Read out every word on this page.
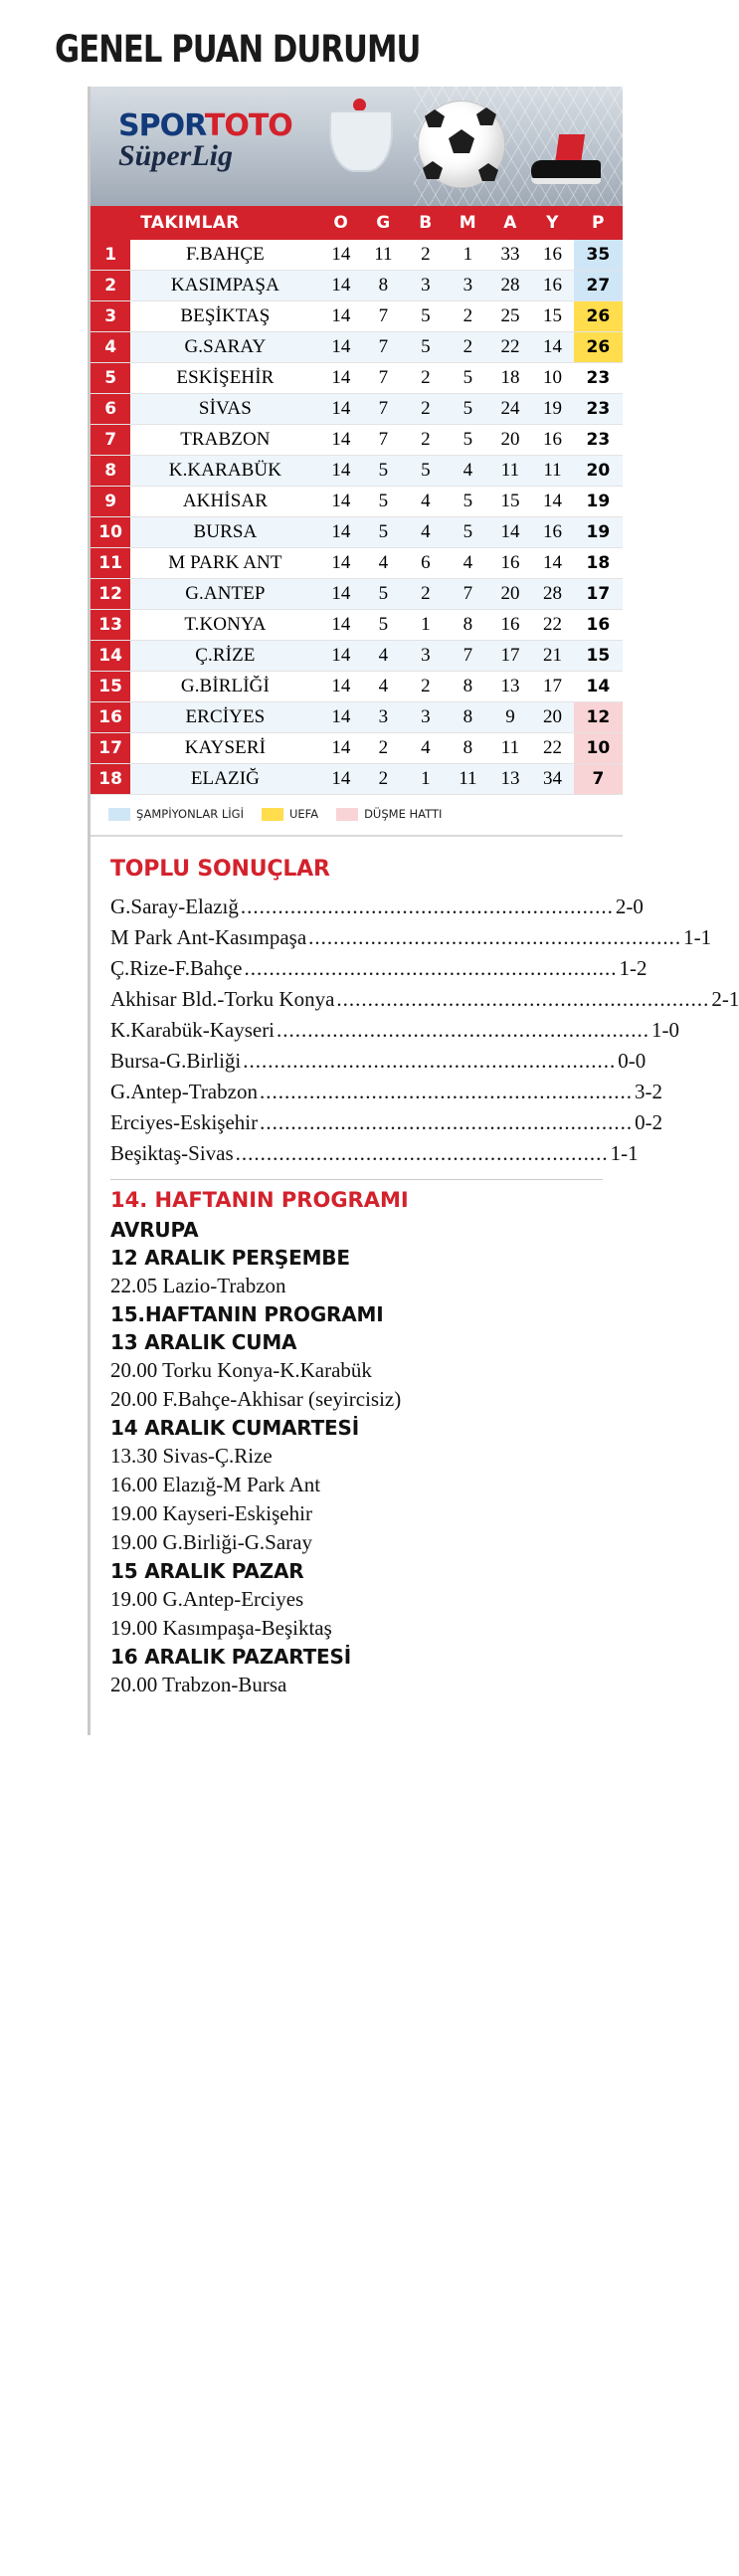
GENEL PUAN DURUMU
SPORTOTO
SüperLig
	TAKIMLAR	O	G	B	M	A	Y	P
1	F.BAHÇE	14	11	2	1	33	16	35
2	KASIMPAŞA	14	8	3	3	28	16	27
3	BEŞİKTAŞ	14	7	5	2	25	15	26
4	G.SARAY	14	7	5	2	22	14	26
5	ESKİŞEHİR	14	7	2	5	18	10	23
6	SİVAS	14	7	2	5	24	19	23
7	TRABZON	14	7	2	5	20	16	23
8	K.KARABÜK	14	5	5	4	11	11	20
9	AKHİSAR	14	5	4	5	15	14	19
10	BURSA	14	5	4	5	14	16	19
11	M PARK ANT	14	4	6	4	16	14	18
12	G.ANTEP	14	5	2	7	20	28	17
13	T.KONYA	14	5	1	8	16	22	16
14	Ç.RİZE	14	4	3	7	17	21	15
15	G.BİRLİĞİ	14	4	2	8	13	17	14
16	ERCİYES	14	3	3	8	9	20	12
17	KAYSERİ	14	2	4	8	11	22	10
18	ELAZIĞ	14	2	1	11	13	34	7
ŞAMPİYONLAR LİGİ	UEFA	DÜŞME HATTI
TOPLU SONUÇLAR
G.Saray-Elazığ ............................................................ 2-0
M Park Ant-Kasımpaşa ............................................................ 1-1
Ç.Rize-F.Bahçe ............................................................ 1-2
Akhisar Bld.-Torku Konya ............................................................ 2-1
K.Karabük-Kayseri ............................................................ 1-0
Bursa-G.Birliği ............................................................ 0-0
G.Antep-Trabzon ............................................................ 3-2
Erciyes-Eskişehir ............................................................ 0-2
Beşiktaş-Sivas ............................................................ 1-1
14. HAFTANIN PROGRAMI
AVRUPA
12 ARALIK PERŞEMBE
22.05 Lazio-Trabzon
15.HAFTANIN PROGRAMI
13 ARALIK CUMA
20.00 Torku Konya-K.Karabük
20.00 F.Bahçe-Akhisar (seyircisiz)
14 ARALIK CUMARTESİ
13.30 Sivas-Ç.Rize
16.00 Elazığ-M Park Ant
19.00 Kayseri-Eskişehir
19.00 G.Birliği-G.Saray
15 ARALIK PAZAR
19.00 G.Antep-Erciyes
19.00 Kasımpaşa-Beşiktaş
16 ARALIK PAZARTESİ
20.00 Trabzon-Bursa
